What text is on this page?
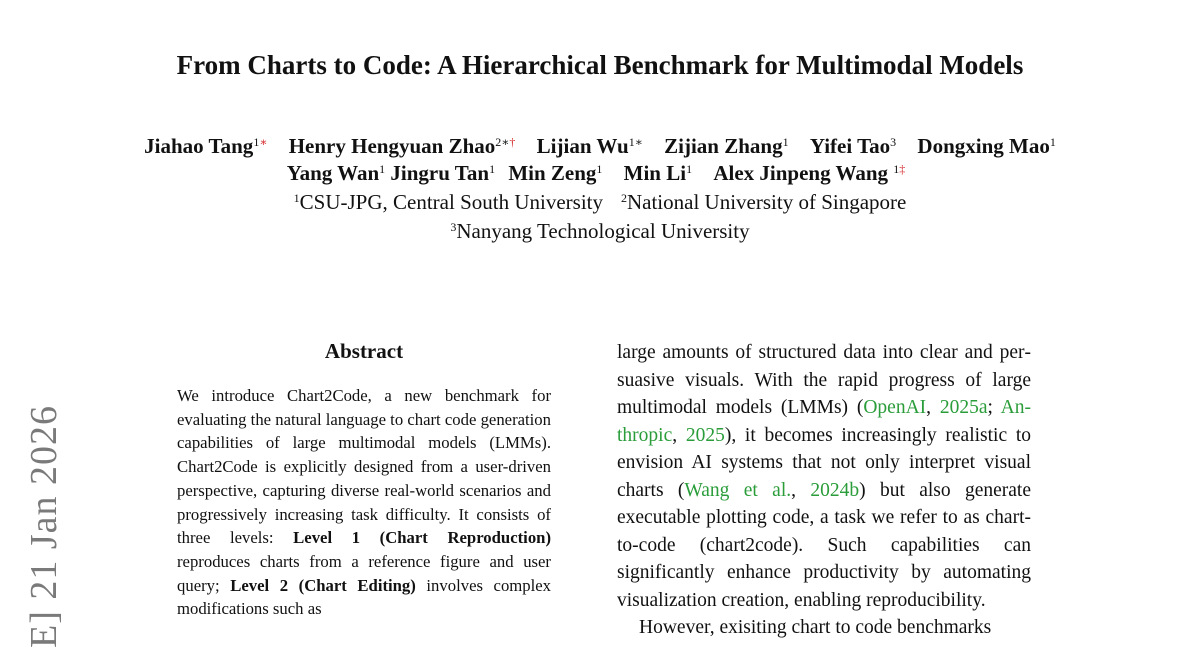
From Charts to Code: A Hierarchical Benchmark for Multimodal Models
Jiahao Tang$^{1∗}$ Henry Hengyuan Zhao$^{2∗\dagger}$ Lijian $Wu^{1∗}$ Zijian Zhang$^1$ Yifei Tao$^3$ Dongxing Mao$^1$
Yang Wan$^1$ Jingru Tan$^1$ Min Zeng$^1$ Min Li$^1$ Alex Jinpeng Wang $^{1\ddagger}$
$^1$CSU-JPG, Central South University $^2$National University of Singapore
$^3$Nanyang Technological University
E] 21 Jan 2026
Abstract
We introduce Chart2Code, a new benchmark for evaluating the natural language to chart code generation capabilities of large multimodal models (LMMs). Chart2Code is explicitly designed from a user-driven perspective, capturing diverse real-world scenarios and progressively increasing task difficulty. It consists of three levels: Level 1 (Chart Reproduction) reproduces charts from a reference figure and user query; Level 2 (Chart Editing) involves complex modifications such as

large amounts of structured data into clear and persuasive visuals. With the rapid progress of large multimodal models (LMMs) (OpenAI, 2025a; Anthropic, 2025), it becomes increasingly realistic to envision AI systems that not only interpret visual charts (Wang et al., 2024b) but also generate executable plotting code, a task we refer to as chart-to-code (chart2code). Such capabilities can significantly enhance productivity by automating visualization creation, enabling reproducibility.

However, exisiting chart to code benchmarks
